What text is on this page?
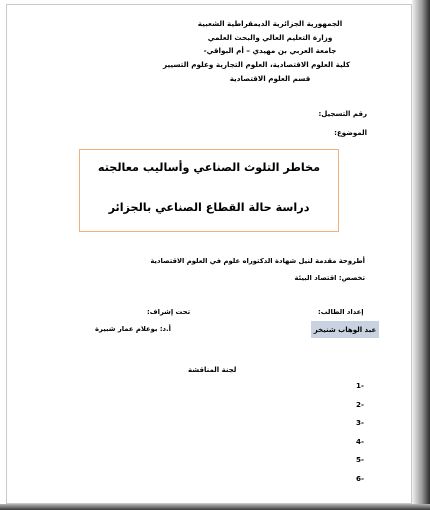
الجمهورية الجزائرية الديمقراطية الشعبية
وزارة التعليم العالي والبحث العلمي
جامعة العربي بن مهيدي – أم البواقي-
كلية العلوم الاقتصادية، العلوم التجارية وعلوم التسيير
قسم العلوم الاقتصادية
رقم التسجيل:
الموضوع:
مخاطر التلوث الصناعي وأساليب معالجته
دراسة حالة القطاع الصناعي بالجزائر
أطروحة مقدمة لنيل شهادة الدكتوراه علوم في العلوم الاقتصادية
تخصص: اقتصاد البيئة
إعداد الطالب:
عبد الوهاب شنيخر
تحت إشراف:
أ.د: بوعلام عمار شبيرة
لجنة المناقشة
1-
2-
3-
4-
5-
6-
